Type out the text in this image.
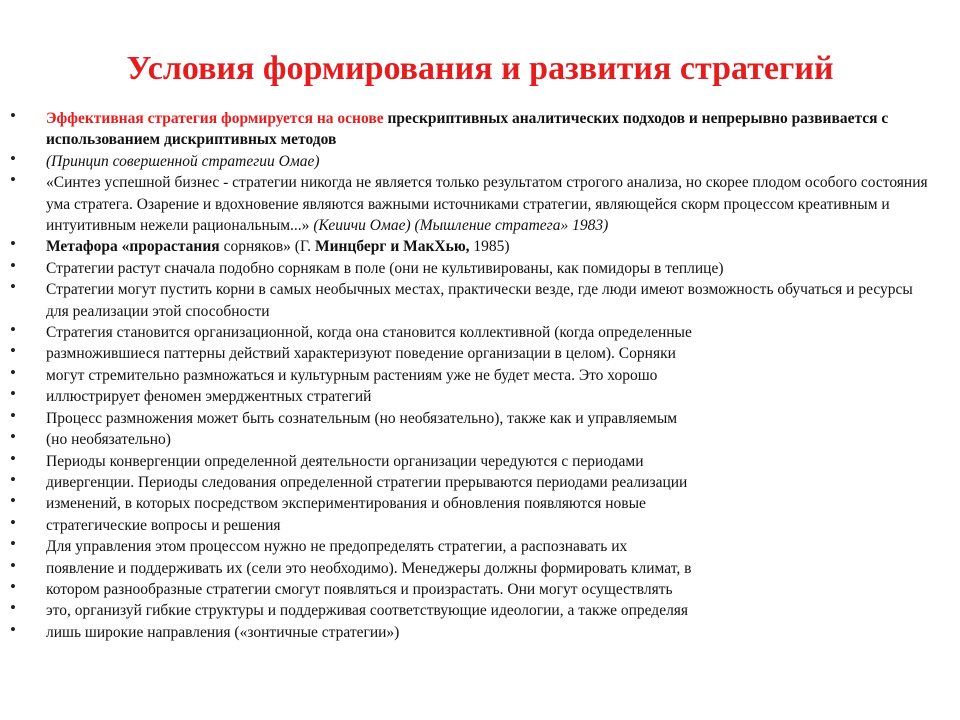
Условия формирования и развития стратегий
• Эффективная стратегия формируется на основе прескриптивных аналитических подходов и непрерывно развивается с использованием дискриптивных методов
• (Принцип совершенной стратегии Омае)
• «Синтез успешной бизнес - стратегии никогда не является только результатом строгого анализа, но скорее плодом особого состояния ума стратега. Озарение и вдохновение являются важными источниками стратегии, являющейся скорм процессом креативным и интуитивным нежели рациональным...» (Кеиичи Омае) (Мышление стратега» 1983)
• Метафора «прорастания сорняков» (Г. Минцберг и МакХью, 1985)
• Стратегии растут сначала подобно сорнякам в поле (они не культивированы, как помидоры в теплице)
• Стратегии могут пустить корни в самых необычных местах, практически везде, где люди имеют возможность обучаться и ресурсы для реализации этой способности
• Стратегия становится организационной, когда она становится коллективной (когда определенные
• размножившиеся паттерны действий характеризуют поведение организации в целом). Сорняки
• могут стремительно размножаться и культурным растениям уже не будет места. Это хорошо
• иллюстрирует феномен эмерджентных стратегий
• Процесс размножения может быть сознательным (но необязательно), также как и управляемым
• (но необязательно)
• Периоды конвергенции определенной деятельности организации чередуются с периодами
• дивергенции. Периоды следования определенной стратегии прерываются периодами реализации
• изменений, в которых посредством экспериментирования и обновления появляются новые
• стратегические вопросы и решения
• Для управления этом процессом нужно не предопределять стратегии, а распознавать их
• появление и поддерживать их (сели это необходимо). Менеджеры должны формировать климат, в
• котором разнообразные стратегии смогут появляться и произрастать. Они могут осуществлять
• это, организуй гибкие структуры и поддерживая соответствующие идеологии, а также определяя
• лишь широкие направления («зонтичные стратегии»)
